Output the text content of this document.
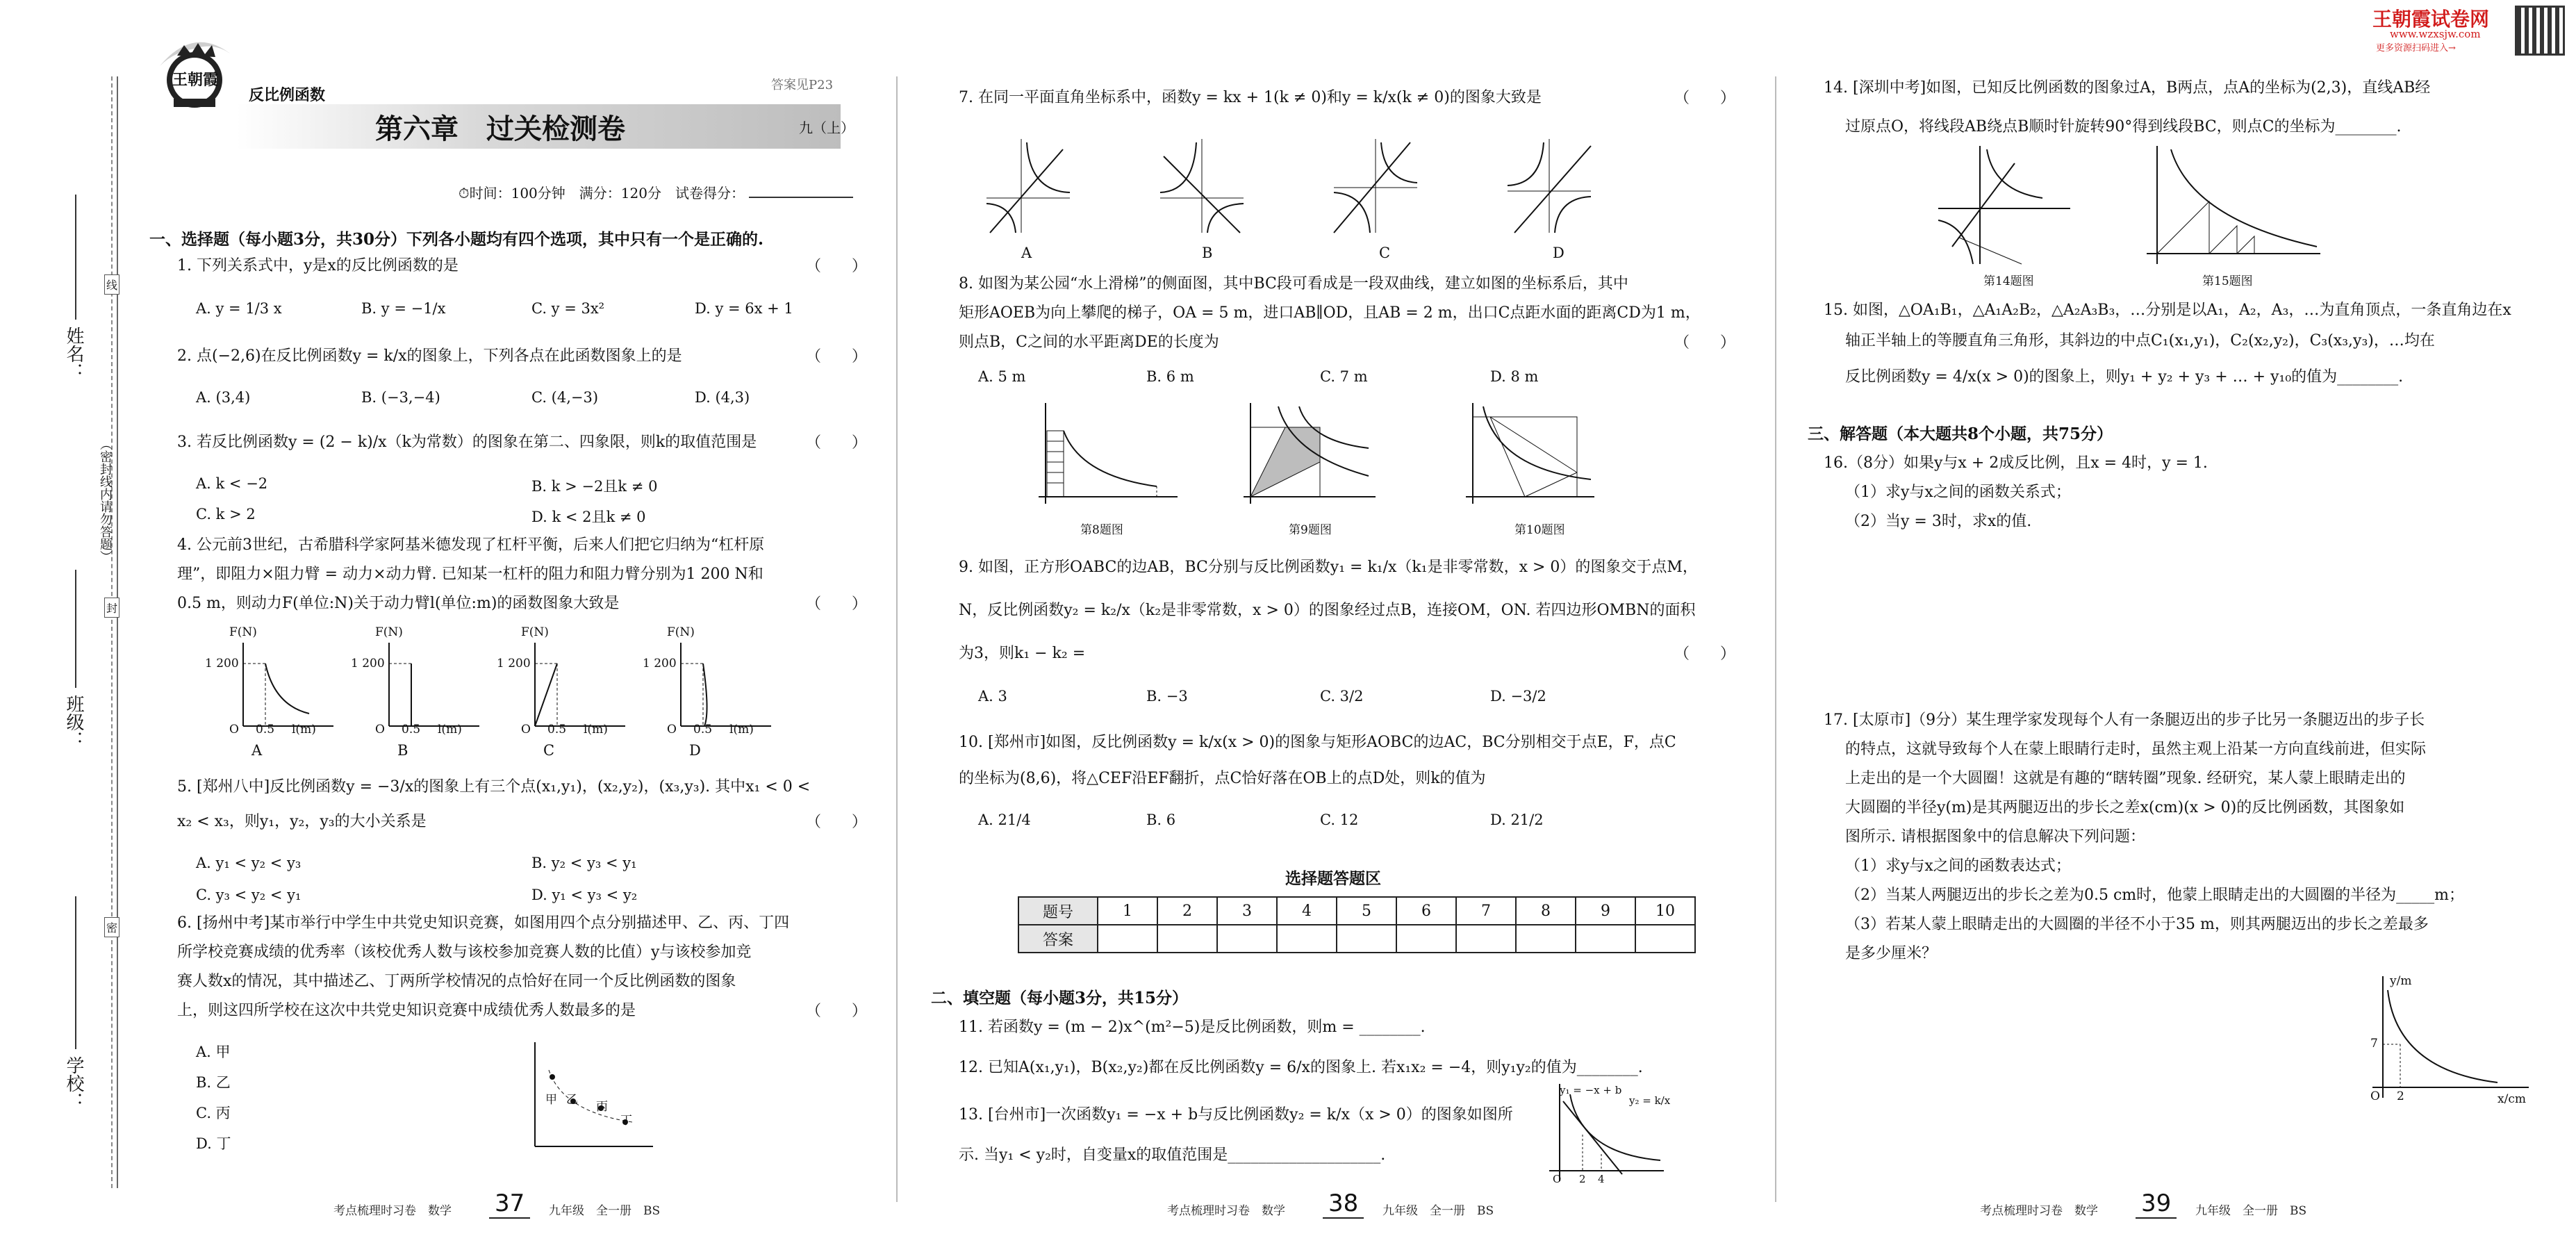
姓名：
班级：
学校：
（密封线内请勿答题）
线
封
密
王朝霞
反比例函数
答案见P23
第六章　过关检测卷	九（上）
⏱时间：100分钟　满分：120分　试卷得分：
一、选择题（每小题3分，共30分）下列各小题均有四个选项，其中只有一个是正确的.
1. 下列关系式中，y是x的反比例函数的是	（　　）
A. y = 1/3 x	B. y = −1/x	C. y = 3x²	D. y = 6x + 1
2. 点(−2,6)在反比例函数y = k/x的图象上，下列各点在此函数图象上的是	（　　）
A. (3,4)	B. (−3,−4)	C. (4,−3)	D. (4,3)
3. 若反比例函数y = (2 − k)/x（k为常数）的图象在第二、四象限，则k的取值范围是	（　　）
A. k < −2	B. k > −2且k ≠ 0
C. k > 2	D. k < 2且k ≠ 0
4. 公元前3世纪，古希腊科学家阿基米德发现了杠杆平衡，后来人们把它归纳为“杠杆原
理”，即阻力×阻力臂 = 动力×动力臂. 已知某一杠杆的阻力和阻力臂分别为1 200 N和
0.5 m，则动力F(单位:N)关于动力臂l(单位:m)的函数图象大致是	（　　）
F(N)
1 200
O 0.5 l(m)
F(N)
1 200
O 0.5 l(m)
F(N)
1 200
O 0.5 l(m)
F(N)
1 200
O 0.5 l(m)
A	B	C	D
5. [郑州八中]反比例函数y = −3/x的图象上有三个点(x₁,y₁)，(x₂,y₂)，(x₃,y₃). 其中x₁ < 0 <
x₂ < x₃，则y₁，y₂，y₃的大小关系是	（　　）
A. y₁ < y₂ < y₃	B. y₂ < y₃ < y₁
C. y₃ < y₂ < y₁	D. y₁ < y₃ < y₂
6. [扬州中考]某市举行中学生中共党史知识竞赛，如图用四个点分别描述甲、乙、丙、丁四
所学校竞赛成绩的优秀率（该校优秀人数与该校参加竞赛人数的比值）y与该校参加竞
赛人数x的情况，其中描述乙、丁两所学校情况的点恰好在同一个反比例函数的图象
上，则这四所学校在这次中共党史知识竞赛中成绩优秀人数最多的是	（　　）
A. 甲
B. 乙
C. 丙
D. 丁
甲 乙 丙
丁
考点梳理时习卷　数学 37 九年级　全一册　BS
7. 在同一平面直角坐标系中，函数y = kx + 1(k ≠ 0)和y = k/x(k ≠ 0)的图象大致是	（　　）
A	B	C	D
8. 如图为某公园“水上滑梯”的侧面图，其中BC段可看成是一段双曲线，建立如图的坐标系后，其中
矩形AOEB为向上攀爬的梯子，OA = 5 m，进口AB∥OD，且AB = 2 m，出口C点距水面的距离CD为1 m，
则点B，C之间的水平距离DE的长度为	（　　）
A. 5 m	B. 6 m	C. 7 m	D. 8 m
第8题图	第9题图	第10题图
9. 如图，正方形OABC的边AB，BC分别与反比例函数y₁ = k₁/x（k₁是非零常数，x > 0）的图象交于点M，
N，反比例函数y₂ = k₂/x（k₂是非零常数，x > 0）的图象经过点B，连接OM，ON. 若四边形OMBN的面积
为3，则k₁ − k₂ =	（　　）
A. 3	B. −3	C. 3/2	D. −3/2
10. [郑州市]如图，反比例函数y = k/x(x > 0)的图象与矩形AOBC的边AC，BC分别相交于点E，F，点C
的坐标为(8,6)，将△CEF沿EF翻折，点C恰好落在OB上的点D处，则k的值为
A. 21/4	B. 6	C. 12	D. 21/2
选择题答题区
题号	1	2	3	4	5	6	7	8	9	10
答案										
二、填空题（每小题3分，共15分）
11. 若函数y = (m − 2)x^(m²−5)是反比例函数，则m = ________.
12. 已知A(x₁,y₁)，B(x₂,y₂)都在反比例函数y = 6/x的图象上. 若x₁x₂ = −4，则y₁y₂的值为________.
13. [台州市]一次函数y₁ = −x + b与反比例函数y₂ = k/x（x > 0）的图象如图所
示. 当y₁ < y₂时，自变量x的取值范围是____________________.
y₁ = −x + b
y₂ = k/x
2 4
O
考点梳理时习卷　数学 38 九年级　全一册　BS
王朝霞试卷网
www.wzxsjw.com
更多资源扫码进入→
14. [深圳中考]如图，已知反比例函数的图象过A，B两点，点A的坐标为(2,3)，直线AB经
过原点O，将线段AB绕点B顺时针旋转90°得到线段BC，则点C的坐标为________.
第14题图	第15题图
15. 如图，△OA₁B₁，△A₁A₂B₂，△A₂A₃B₃，…分别是以A₁，A₂，A₃，…为直角顶点，一条直角边在x
轴正半轴上的等腰直角三角形，其斜边的中点C₁(x₁,y₁)，C₂(x₂,y₂)，C₃(x₃,y₃)，…均在
反比例函数y = 4/x(x > 0)的图象上，则y₁ + y₂ + y₃ + … + y₁₀的值为________.
三、解答题（本大题共8个小题，共75分）
16.（8分）如果y与x + 2成反比例，且x = 4时，y = 1.
（1）求y与x之间的函数关系式；
（2）当y = 3时，求x的值.
17. [太原市]（9分）某生理学家发现每个人有一条腿迈出的步子比另一条腿迈出的步子长
的特点，这就导致每个人在蒙上眼睛行走时，虽然主观上沿某一方向直线前进，但实际
上走出的是一个大圆圈！这就是有趣的“瞎转圈”现象. 经研究，某人蒙上眼睛走出的
大圆圈的半径y(m)是其两腿迈出的步长之差x(cm)(x > 0)的反比例函数，其图象如
图所示. 请根据图象中的信息解决下列问题：
（1）求y与x之间的函数表达式；
（2）当某人两腿迈出的步长之差为0.5 cm时，他蒙上眼睛走出的大圆圈的半径为_____m；
（3）若某人蒙上眼睛走出的大圆圈的半径不小于35 m，则其两腿迈出的步长之差最多
是多少厘米？
y/m
7
O 2	x/cm
考点梳理时习卷　数学 39 九年级　全一册　BS
